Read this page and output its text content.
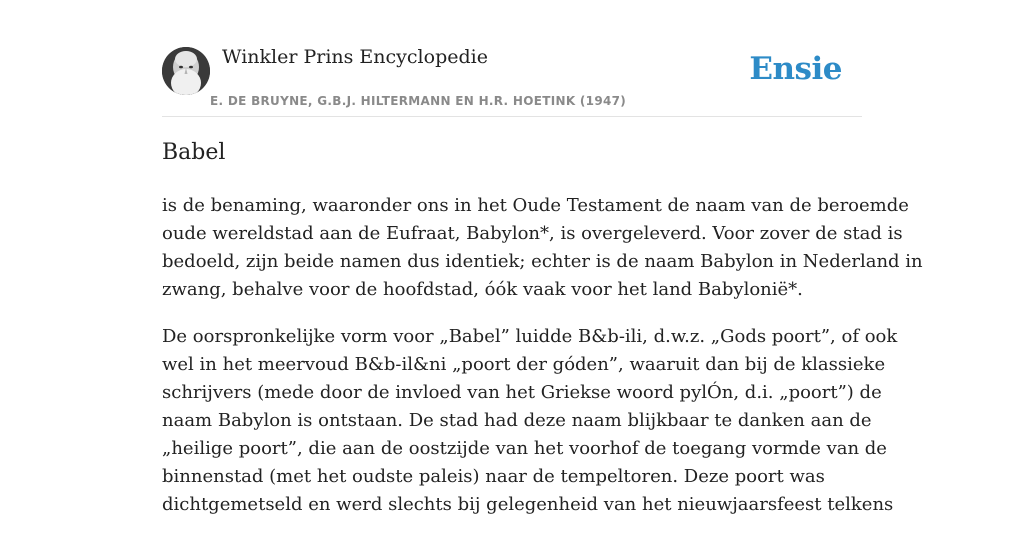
Winkler Prins Encyclopedie
E. DE BRUYNE, G.B.J. HILTERMANN EN H.R. HOETINK (1947)
Ensie
Babel

is de benaming, waaronder ons in het Oude Testament de naam van de beroemde
oude wereldstad aan de Eufraat, Babylon*, is overgeleverd. Voor zover de stad is
bedoeld, zijn beide namen dus identiek; echter is de naam Babylon in Nederland in
zwang, behalve voor de hoofdstad, óók vaak voor het land Babylonië*.

De oorspronkelijke vorm voor „Babel” luidde B&b-ili, d.w.z. „Gods poort”, of ook
wel in het meervoud B&b-il&ni „poort der góden”, waaruit dan bij de klassieke
schrijvers (mede door de invloed van het Griekse woord pylÓn, d.i. „poort”) de
naam Babylon is ontstaan. De stad had deze naam blijkbaar te danken aan de
„heilige poort”, die aan de oostzijde van het voorhof de toegang vormde van de
binnenstad (met het oudste paleis) naar de tempeltoren. Deze poort was
dichtgemetseld en werd slechts bij gelegenheid van het nieuwjaarsfeest telkens
